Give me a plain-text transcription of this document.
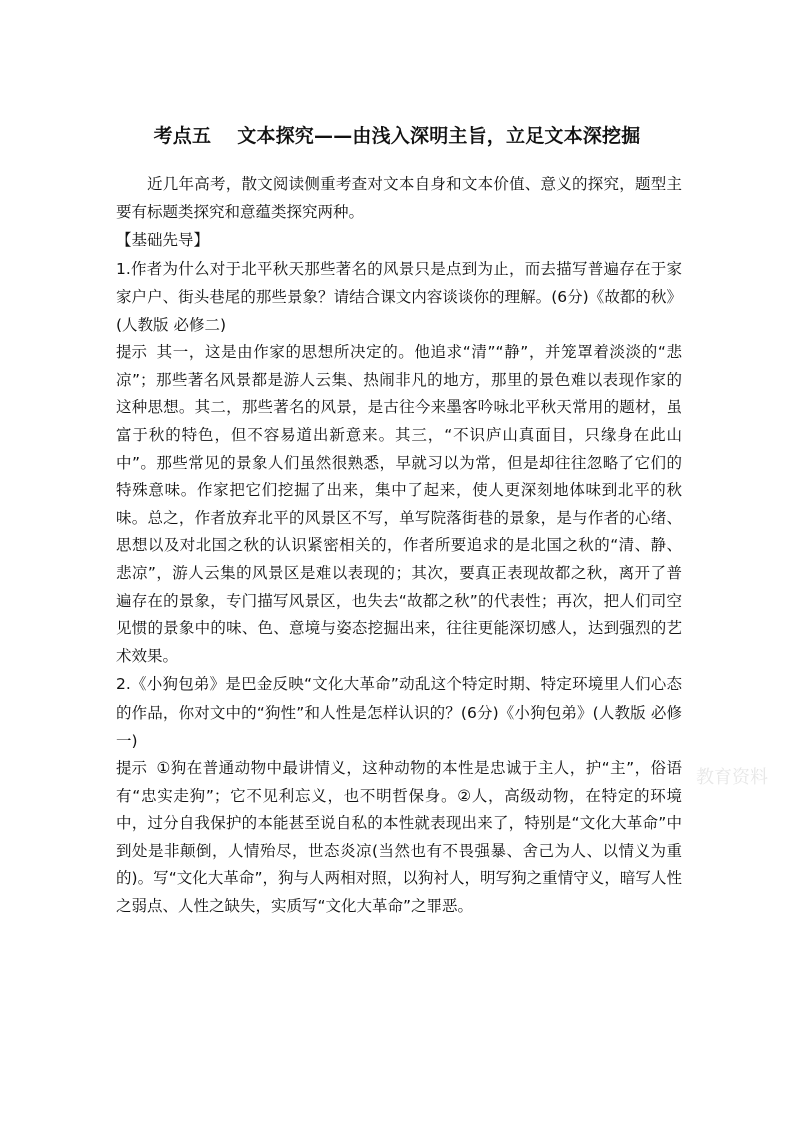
考点五 文本探究——由浅入深明主旨，立足文本深挖掘

近几年高考，散文阅读侧重考查对文本自身和文本价值、意义的探究，题型主要有标题类探究和意蕴类探究两种。

【基础先导】

1.作者为什么对于北平秋天那些著名的风景只是点到为止，而去描写普遍存在于家家户户、街头巷尾的那些景象？请结合课文内容谈谈你的理解。(6分)《故都的秋》(人教版 必修二)

提示 其一，这是由作家的思想所决定的。他追求“清”“静”，并笼罩着淡淡的“悲凉”；那些著名风景都是游人云集、热闹非凡的地方，那里的景色难以表现作家的这种思想。其二，那些著名的风景，是古往今来墨客吟咏北平秋天常用的题材，虽富于秋的特色，但不容易道出新意来。其三，“不识庐山真面目，只缘身在此山中”。那些常见的景象人们虽然很熟悉，早就习以为常，但是却往往忽略了它们的特殊意味。作家把它们挖掘了出来，集中了起来，使人更深刻地体味到北平的秋味。总之，作者放弃北平的风景区不写，单写院落街巷的景象，是与作者的心绪、思想以及对北国之秋的认识紧密相关的，作者所要追求的是北国之秋的“清、静、悲凉”，游人云集的风景区是难以表现的；其次，要真正表现故都之秋，离开了普遍存在的景象，专门描写风景区，也失去“故都之秋”的代表性；再次，把人们司空见惯的景象中的味、色、意境与姿态挖掘出来，往往更能深切感人，达到强烈的艺术效果。

2.《小狗包弟》是巴金反映“文化大革命”动乱这个特定时期、特定环境里人们心态的作品，你对文中的“狗性”和人性是怎样认识的？(6分)《小狗包弟》(人教版 必修一)

提示 ①狗在普通动物中最讲情义，这种动物的本性是忠诚于主人，护“主”，俗语有“忠实走狗”；它不见利忘义，也不明哲保身。②人，高级动物，在特定的环境中，过分自我保护的本能甚至说自私的本性就表现出来了，特别是“文化大革命”中到处是非颠倒，人情殆尽，世态炎凉(当然也有不畏强暴、舍己为人、以情义为重的)。写“文化大革命”，狗与人两相对照，以狗衬人，明写狗之重情守义，暗写人性之弱点、人性之缺失，实质写“文化大革命”之罪恶。

教育资料
